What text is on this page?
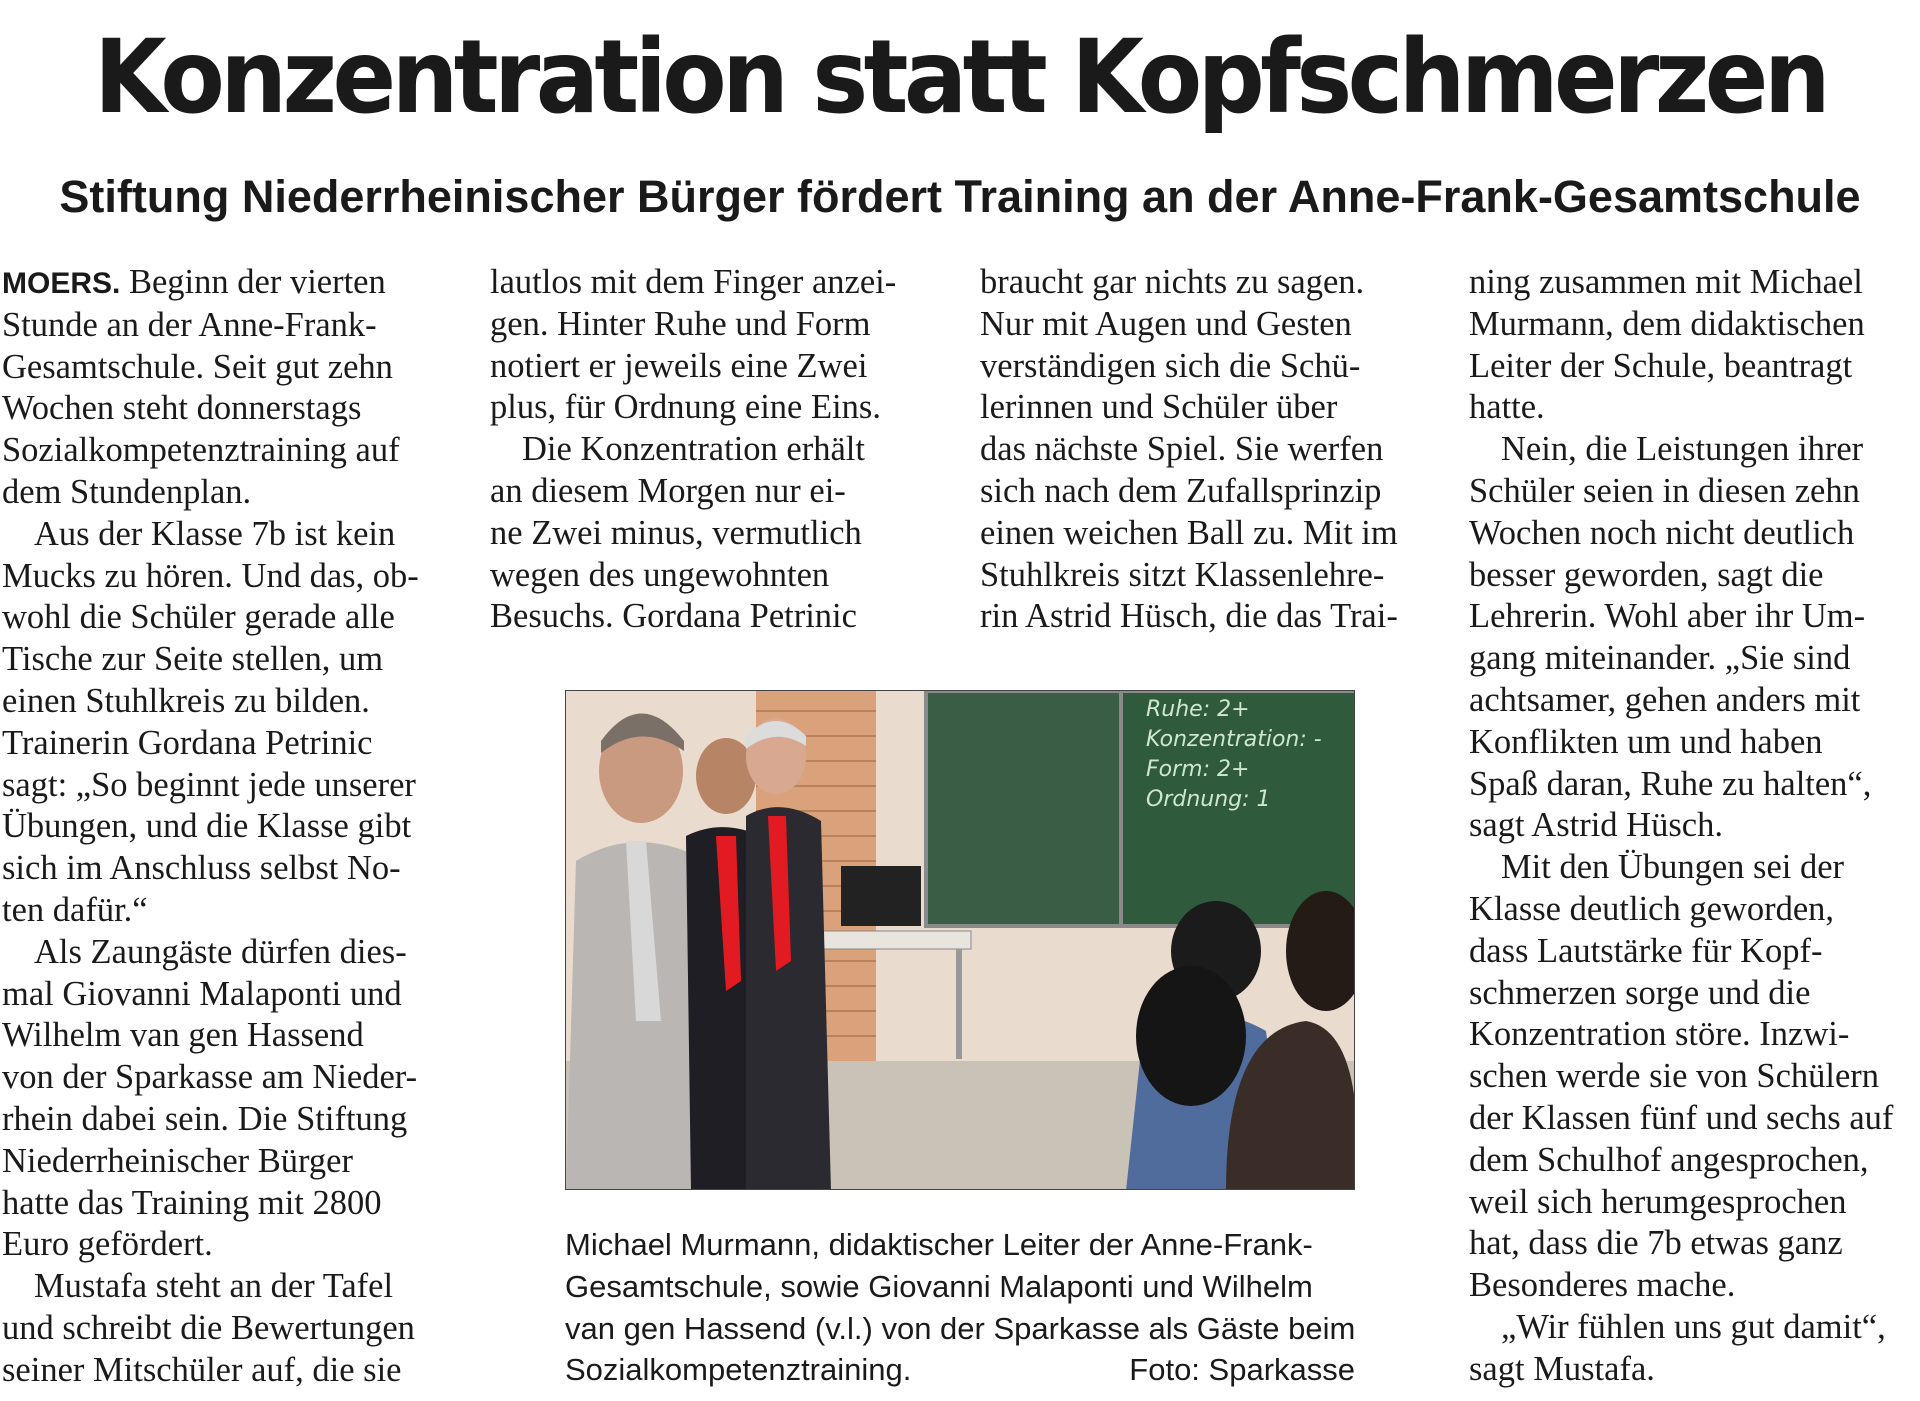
Konzentration statt Kopfschmerzen
Stiftung Niederrheinischer Bürger fördert Training an der Anne-Frank-Gesamtschule

MOERS. Beginn der vierten

Stunde an der Anne-Frank-

Gesamtschule. Seit gut zehn

Wochen steht donnerstags

Sozialkompetenztraining auf

dem Stundenplan.

Aus der Klasse 7b ist kein

Mucks zu hören. Und das, ob-

wohl die Schüler gerade alle

Tische zur Seite stellen, um

einen Stuhlkreis zu bilden.

Trainerin Gordana Petrinic

sagt: „So beginnt jede unserer

Übungen, und die Klasse gibt

sich im Anschluss selbst No-

ten dafür.“

Als Zaungäste dürfen dies-

mal Giovanni Malaponti und

Wilhelm van gen Hassend

von der Sparkasse am Nieder-

rhein dabei sein. Die Stiftung

Niederrheinischer Bürger

hatte das Training mit 2800

Euro gefördert.

Mustafa steht an der Tafel

und schreibt die Bewertungen

seiner Mitschüler auf, die sie

lautlos mit dem Finger anzei-

gen. Hinter Ruhe und Form

notiert er jeweils eine Zwei

plus, für Ordnung eine Eins.

Die Konzentration erhält

an diesem Morgen nur ei-

ne Zwei minus, vermutlich

wegen des ungewohnten

Besuchs. Gordana Petrinic

braucht gar nichts zu sagen.

Nur mit Augen und Gesten

verständigen sich die Schü-

lerinnen und Schüler über

das nächste Spiel. Sie werfen

sich nach dem Zufallsprinzip

einen weichen Ball zu. Mit im

Stuhlkreis sitzt Klassenlehre-

rin Astrid Hüsch, die das Trai-

ning zusammen mit Michael

Murmann, dem didaktischen

Leiter der Schule, beantragt

hatte.

Nein, die Leistungen ihrer

Schüler seien in diesen zehn

Wochen noch nicht deutlich

besser geworden, sagt die

Lehrerin. Wohl aber ihr Um-

gang miteinander. „Sie sind

achtsamer, gehen anders mit

Konflikten um und haben

Spaß daran, Ruhe zu halten“,

sagt Astrid Hüsch.

Mit den Übungen sei der

Klasse deutlich geworden,

dass Lautstärke für Kopf-

schmerzen sorge und die

Konzentration störe. Inzwi-

schen werde sie von Schülern

der Klassen fünf und sechs auf

dem Schulhof angesprochen,

weil sich herumgesprochen

hat, dass die 7b etwas ganz

Besonderes mache.

„Wir fühlen uns gut damit“,

sagt Mustafa.

Ruhe: 2+
Konzentration: -
Form: 2+
Ordnung: 1

Michael Murmann, didaktischer Leiter der Anne-Frank-

Gesamtschule, sowie Giovanni Malaponti und Wilhelm

van gen Hassend (v.l.) von der Sparkasse als Gäste beim

Sozialkompetenztraining.	Foto: Sparkasse
